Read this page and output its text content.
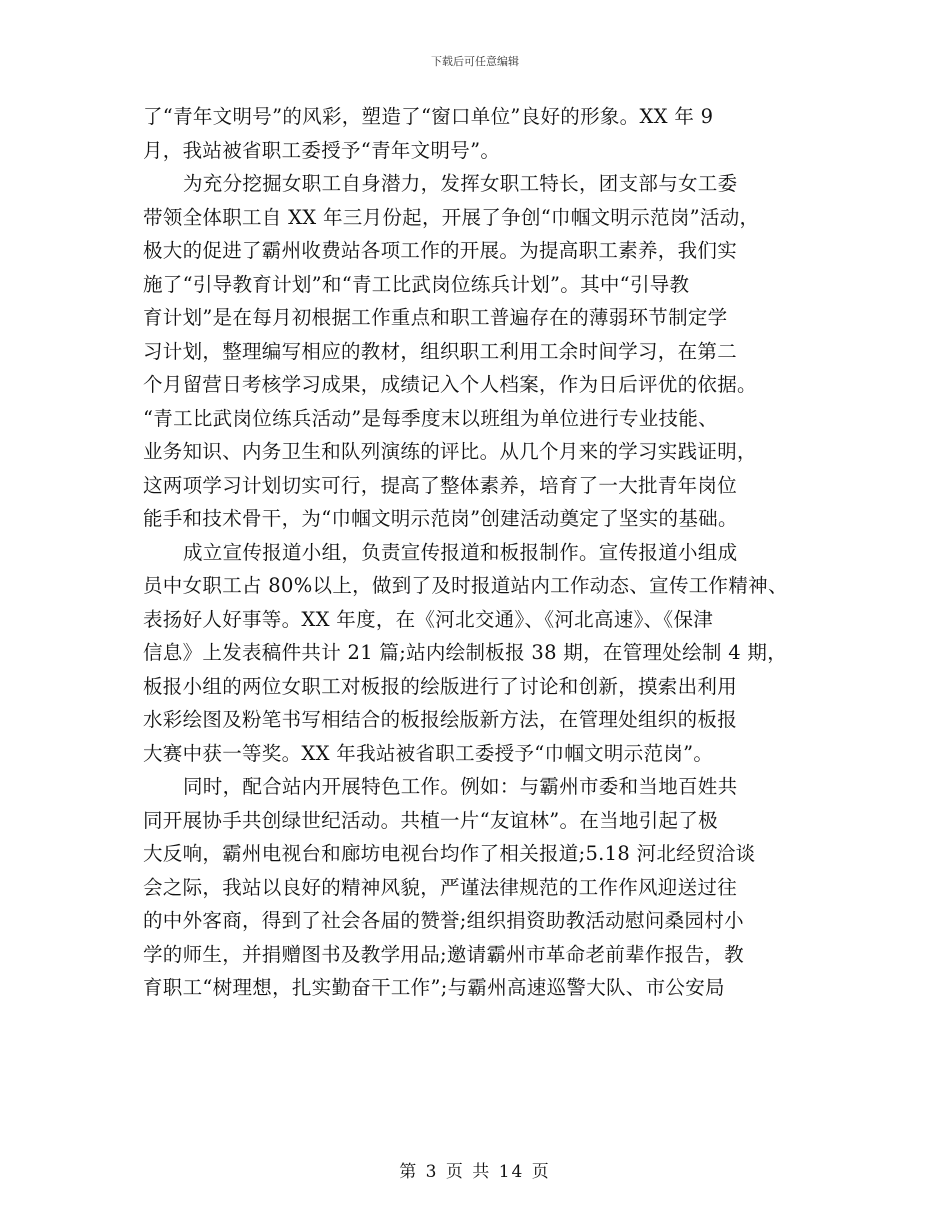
下载后可任意编辑
了“青年文明号”的风彩，塑造了“窗口单位”良好的形象。XX 年 9
月，我站被省职工委授予“青年文明号”。
为充分挖掘女职工自身潜力，发挥女职工特长，团支部与女工委
带领全体职工自 XX 年三月份起，开展了争创“巾帼文明示范岗”活动，
极大的促进了霸州收费站各项工作的开展。为提高职工素养，我们实
施了“引导教育计划”和“青工比武岗位练兵计划”。其中“引导教
育计划”是在每月初根据工作重点和职工普遍存在的薄弱环节制定学
习计划，整理编写相应的教材，组织职工利用工余时间学习，在第二
个月留营日考核学习成果，成绩记入个人档案，作为日后评优的依据。
“青工比武岗位练兵活动”是每季度末以班组为单位进行专业技能、
业务知识、内务卫生和队列演练的评比。从几个月来的学习实践证明，
这两项学习计划切实可行，提高了整体素养，培育了一大批青年岗位
能手和技术骨干，为“巾帼文明示范岗”创建活动奠定了坚实的基础。
成立宣传报道小组，负责宣传报道和板报制作。宣传报道小组成
员中女职工占 80%以上，做到了及时报道站内工作动态、宣传工作精神、
表扬好人好事等。XX 年度，在《河北交通》、《河北高速》、《保津
信息》上发表稿件共计 21 篇;站内绘制板报 38 期，在管理处绘制 4 期，
板报小组的两位女职工对板报的绘版进行了讨论和创新，摸索出利用
水彩绘图及粉笔书写相结合的板报绘版新方法，在管理处组织的板报
大赛中获一等奖。XX 年我站被省职工委授予“巾帼文明示范岗”。
同时，配合站内开展特色工作。例如：与霸州市委和当地百姓共
同开展协手共创绿世纪活动。共植一片“友谊林”。在当地引起了极
大反响，霸州电视台和廊坊电视台均作了相关报道;5.18 河北经贸洽谈
会之际，我站以良好的精神风貌，严谨法律规范的工作作风迎送过往
的中外客商，得到了社会各届的赞誉;组织捐资助教活动慰问桑园村小
学的师生，并捐赠图书及教学用品;邀请霸州市革命老前辈作报告，教
育职工“树理想，扎实勤奋干工作”;与霸州高速巡警大队、市公安局
第 3 页 共 14 页
